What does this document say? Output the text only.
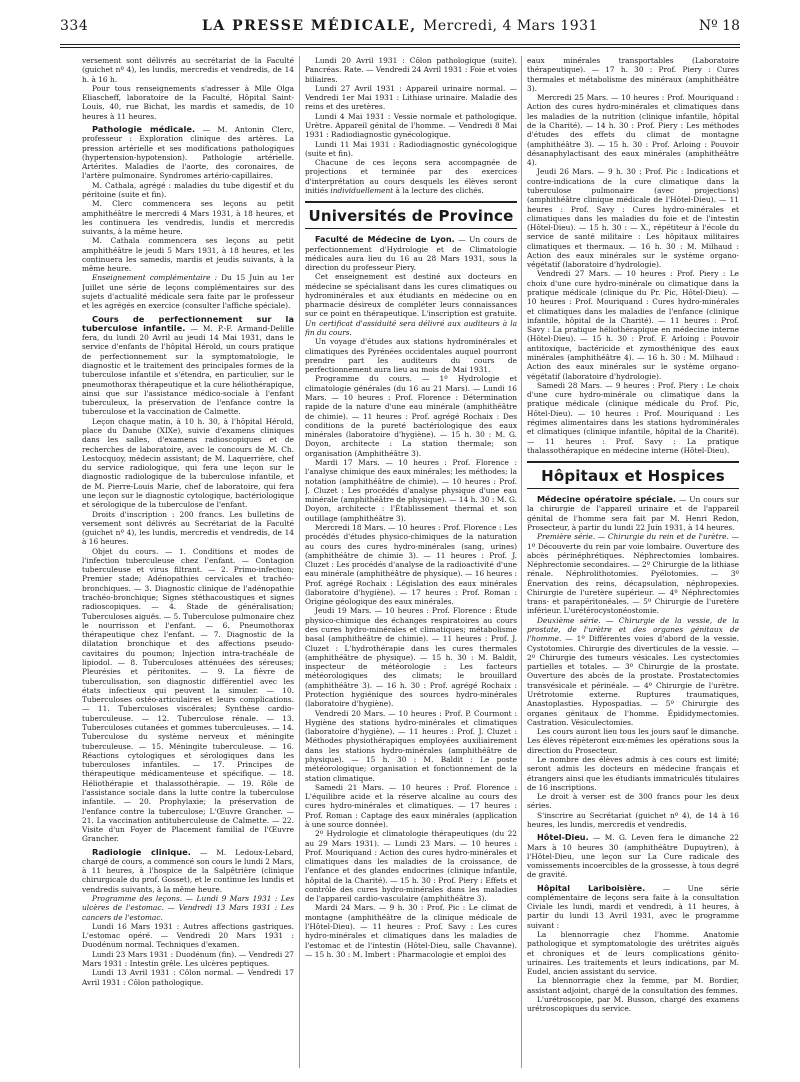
334	LA PRESSE MÉDICALE, Mercredi, 4 Mars 1931	Nº 18

versement sont délivrés au secrétariat de la Faculté (guichet nº 4), les lundis, mercredis et vendredis, de 14 h. à 16 h.

Pour tous renseignements s'adresser à Mlle Olga Eliascheff, laboratoire de la Faculté, Hôpital Saint-Louis, 40, rue Bichat, les mardis et samedis, de 10 heures à 11 heures.

Pathologie médicale. — M. Antonin Clerc, professeur : Exploration clinique des artères. La pression artérielle et ses modifications pathologiques (hypertension-hypotension). Pathologie artérielle. Artérites. Maladies de l'aorte, des coronaires, de l'artère pulmonaire. Syndromes artério-capillaires.

M. Cathala, agrégé : maladies du tube digestif et du péritoine (suite et fin).

M. Clerc commencera ses leçons au petit amphithéâtre le mercredi 4 Mars 1931, à 18 heures, et les continuera les vendredis, lundis et mercredis suivants, à la même heure.

M. Cathala commencera ses leçons au petit amphithéâtre le jeudi 5 Mars 1931, à 18 heures, et les continuera les samedis, mardis et jeudis suivants, à la même heure.

Enseignement complémentaire : Du 15 Juin au 1er Juillet une série de leçons complémentaires sur des sujets d'actualité médicale sera faite par le professeur et les agrégés en exercice (consulter l'affiche spéciale).

Cours de perfectionnement sur la tuberculose infantile. — M. P.-F. Armand-Delille fera, du lundi 20 Avril au jeudi 14 Mai 1931, dans le service d'enfants de l'hôpital Hérold, un cours pratique de perfectionnement sur la symptomatologie, le diagnostic et le traitement des principales formes de la tuberculose infantile et s'étendra, en particulier, sur le pneumothorax thérapeutique et la cure héliothérapique, ainsi que sur l'assistance médico-sociale à l'enfant tuberculeux, la préservation de l'enfance contre la tuberculose et la vaccination de Calmette.

Leçon chaque matin, à 10 h. 30, à l'hôpital Hérold, place du Danube (XIXe), suivie d'examens cliniques dans les salles, d'examens radioscopiques et de recherches de laboratoire, avec le concours de M. Ch. Lestocquoy, médecin assistant; de M. Laquerrière, chef du service radiologique, qui fera une leçon sur le diagnostic radiologique de la tuberculose infantile, et de M. Pierre-Louis Marie, chef de laboratoire, qui fera une leçon sur le diagnostic cytologique, bactériologique et sérologique de la tuberculose de l'enfant.

Droits d'inscription : 200 francs. Les bulletins de versement sont délivrés au Secrétariat de la Faculté (guichet nº 4), les lundis, mercredis et vendredis, de 14 à 16 heures.

Objet du cours. — 1. Conditions et modes de l'infection tuberculeuse chez l'enfant. — Contagion tuberculeuse et virus filtrant. — 2. Primo-infection; Premier stade; Adénopathies cervicales et trachéo-bronchiques. — 3. Diagnostic clinique de l'adénopathie trachéo-bronchique; Signes stéthacoustiques et signes radioscopiques. — 4. Stade de généralisation; Tuberculoses aiguës. — 5. Tuberculose pulmonaire chez le nourrisson et l'enfant. — 6. Pneumothorax thérapeutique chez l'enfant. — 7. Diagnostic de la dilatation bronchique et des affections pseudo-cavitaires du poumon; Injection intra-trachéale de lipiodol. — 8. Tuberculoses atténuées des séreuses; Pleurésies et péritonites. — 9. La fièvre de tuberculisation, son diagnostic différentiel avec les états infectieux qui peuvent la simuler. — 10. Tuberculoses ostéo-articulaires et leurs complications. — 11. Tuberculoses viscérales; Synthèse cardio-tuberculeuse. — 12. Tuberculose rénale. — 13. Tuberculoses cutanées et gommes tuberculeuses. — 14. Tuberculose du système nerveux et méningite tuberculeuse. — 15. Méningite tuberculeuse. — 16. Réactions cytologiques et sérologiques dans les tuberculoses infantiles. — 17. Principes de thérapeutique médicamenteuse et spécifique. — 18. Héliothérapie et thalassothérapie. — 19. Rôle de l'assistance sociale dans la lutte contre la tuberculose infantile. — 20. Prophylaxie; la préservation de l'enfance contre la tuberculose; L'Œuvre Grancher. — 21. La vaccination antituberculeuse de Calmette. — 22. Visite d'un Foyer de Placement familial de l'Œuvre Grancher.

Radiologie clinique. — M. Ledoux-Lebard, chargé de cours, a commencé son cours le lundi 2 Mars, à 11 heures, à l'hospice de la Salpêtrière (clinique chirurgicale du prof. Gosset), et le continue les lundis et vendredis suivants, à la même heure.

Programme des leçons. — Lundi 9 Mars 1931 : Les ulcères de l'estomac. — Vendredi 13 Mars 1931 : Les cancers de l'estomac.

Lundi 16 Mars 1931 : Autres affections gastriques. L'estomac opéré. — Vendredi 20 Mars 1931 : Duodénum normal. Techniques d'examen.

Lundi 23 Mars 1931 : Duodénum (fin). — Vendredi 27 Mars 1931 : Intestin grêle. Les ulcères peptiques.

Lundi 13 Avril 1931 : Côlon normal. — Vendredi 17 Avril 1931 : Côlon pathologique.

Lundi 20 Avril 1931 : Côlon pathologique (suite). Pancréas. Rate. — Vendredi 24 Avril 1931 : Foie et voies biliaires.

Lundi 27 Avril 1931 : Appareil urinaire normal. — Vendredi 1er Mai 1931 : Lithiase urinaire. Maladie des reins et des uretères.

Lundi 4 Mai 1931 : Vessie normale et pathologique. Urètre. Appareil génital de l'homme. — Vendredi 8 Mai 1931 : Radiodiagnostic gynécologique.

Lundi 11 Mai 1931 : Radiodiagnostic gynécologique (suite et fin).

Chacune de ces leçons sera accompagnée de projections et terminée par des exercices d'interprétation au cours desquels les élèves seront initiés individuellement à la lecture des clichés.

Universités de Province

Faculté de Médecine de Lyon. — Un cours de perfectionnement d'Hydrologie et de Climatologie médicales aura lieu du 16 au 28 Mars 1931, sous la direction du professeur Piery.

Cet enseignement est destiné aux docteurs en médecine se spécialisant dans les cures climatiques ou hydrominérales et aux étudiants en médecine ou en pharmacie désireux de compléter leurs connaissances sur ce point en thérapeutique. L'inscription est gratuite. Un certificat d'assiduité sera délivré aux auditeurs à la fin du cours.

Un voyage d'études aux stations hydrominérales et climatiques des Pyrénées occidentales auquel pourront prendre part les auditeurs du cours de perfectionnement aura lieu au mois de Mai 1931.

Programme du cours. — 1º Hydrologie et climatologie générales (du 16 au 21 Mars). — Lundi 16 Mars. — 10 heures : Prof. Florence : Détermination rapide de la nature d'une eau minérale (amphithéâtre de chimie). — 11 heures : Prof. agrégé Rochaix : Des conditions de la pureté bactériologique des eaux minérales (laboratoire d'hygiène). — 15 h. 30 : M. G. Doyon, architecte : La station thermale; son organisation (Amphithéâtre 3).

Mardi 17 Mars. — 10 heures : Prof. Florence : l'analyse chimique des eaux minérales; les méthodes; la notation (amphithéâtre de chimie). — 10 heures : Prof. J. Cluzet : Les procédés d'analyse physique d'une eau minérale (amphithéâtre de physique). — 14 h. 30 : M. G. Doyon, architecte : l'Établissement thermal et son outillage (amphithéâtre 3).

Mercredi 18 Mars. — 10 heures : Prof. Florence : Les procédés d'études physico-chimiques de la naturation au cours des cures hydro-minérales (sang, urines) (amphithéâtre de chimie 3). — 11 heures : Prof. J. Cluzet : Les procédés d'analyse de la radioactivité d'une eau minérale (amphithéâtre de physique). — 16 heures : Prof. agrégé Rochaix : Législation des eaux minérales (laboratoire d'hygiène). — 17 heures : Prof. Roman : Origine géologique des eaux minérales.

Jeudi 19 Mars. — 10 heures : Prof. Florence : Étude physico-chimique des échanges respiratoires au cours des cures hydro-minérales et climatiques; métabolisme basal (amphithéâtre de chimie). — 11 heures : Prof. J. Cluzet : L'hydrothérapie dans les cures thermales (amphithéâtre de physique). — 15 h. 30 : M. Baldit, inspecteur de météorologie : Les facteurs météorologiques des climats; le brouillard (amphithéâtre 3). — 16 h. 30 : Prof. agrégé Rochaix : Protection hygiénique des sources hydro-minérales (laboratoire d'hygiène).

Vendredi 20 Mars. — 10 heures : Prof. P. Courmont : Hygiène des stations hydro-minérales et climatiques (laboratoire d'hygiène). — 11 heures : Prof. J. Cluzet : Méthodes physiothérapiques employées auxiliairement dans les stations hydro-minérales (amphithéâtre de physique). — 15 h. 30 : M. Baldit : Le poste météorologique; organisation et fonctionnement de la station climatique.

Samedi 21 Mars. — 10 heures : Prof. Florence : L'équilibre acide et la réserve alcaline au cours des cures hydro-minérales et climatiques. — 17 heures : Prof. Roman : Captage des eaux minérales (application à une source donnée).

2º Hydrologie et climatologie thérapeutiques (du 22 au 29 Mars 1931). — Lundi 23 Mars. — 10 heures : Prof. Mouriquand : Action des cures hydro-minérales et climatiques dans les maladies de la croissance, de l'enfance et des glandes endocrines (clinique infantile, hôpital de la Charité). — 15 h. 30 : Prof. Piery : Effets et contrôle des cures hydro-minérales dans les maladies de l'appareil cardio-vasculaire (amphithéâtre 3).

Mardi 24 Mars. — 9 h. 30 : Prof. Pic : Le climat de montagne (amphithéâtre de la clinique médicale de l'Hôtel-Dieu). — 11 heures : Prof. Savy : Les cures hydro-minérales et climatiques dans les maladies de l'estomac et de l'intestin (Hôtel-Dieu, salle Chavanne). — 15 h. 30 : M. Imbert : Pharmacologie et emploi des

eaux minérales transportables (Laboratoire thérapeutique). — 17 h. 30 : Prof. Piery : Cures thermales et métabolisme des minéraux (amphithéâtre 3).

Mercredi 25 Mars. — 10 heures : Prof. Mouriquand : Action des cures hydro-minérales et climatiques dans les maladies de la nutrition (clinique infantile, hôpital de la Charité). — 14 h. 30 : Prof. Piery : Les méthodes d'études des effets du climat de montagne (amphithéâtre 3). — 15 h. 30 : Prof. Arloing : Pouvoir désanaphylactisant des eaux minérales (amphithéâtre 4).

Jeudi 26 Mars. — 9 h. 30 : Prof. Pic : Indications et contre-indications de la cure climatique dans la tuberculose pulmonaire (avec projections) (amphithéâtre clinique médicale de l'Hôtel-Dieu). — 11 heures : Prof. Savy : Cures hydro-minérales et climatiques dans les maladies du foie et de l'intestin (Hôtel-Dieu). — 15 h. 30 : — X., répétiteur à l'école du service de santé militaire : Les hôpitaux militaires climatiques et thermaux. — 16 h. 30 : M. Milhaud : Action des eaux minérales sur le système organo-végétatif (laboratoire d'hydrologie).

Vendredi 27 Mars. — 10 heures : Prof. Piery : Le choix d'une cure hydro-minérale ou climatique dans la pratique médicale (clinique du Pr. Pic, Hôtel-Dieu). — 10 heures : Prof. Mouriquand : Cures hydro-minérales et climatiques dans les maladies de l'enfance (clinique infantile, hôpital de la Charité). — 11 heures : Prof. Savy : La pratique héliothérapique en médecine interne (Hôtel-Dieu). — 15 h. 30 : Prof. F. Arloing : Pouvoir antitoxique, bactéricide et zymosthénique des eaux minérales (amphithéâtre 4). — 16 h. 30 : M. Milhaud : Action des eaux minérales sur le système organo-végétatif (laboratoire d'hydrologie).

Samedi 28 Mars. — 9 heures : Prof. Piery : Le choix d'une cure hydro-minérale ou climatique dans la pratique médicale (clinique médicale du Prof. Pic, Hôtel-Dieu). — 10 heures : Prof. Mouriquand : Les régimes alimentaires dans les stations hydrominérales et climatiques (clinique infantile, hôpital de la Charité). — 11 heures : Prof. Savy : La pratique thalassothérapique en médecine interne (Hôtel-Dieu).

Hôpitaux et Hospices

Médecine opératoire spéciale. — Un cours sur la chirurgie de l'appareil urinaire et de l'appareil génital de l'homme sera fait par M. Henri Redon, Prosecteur, à partir du lundi 22 Juin 1931, à 14 heures.

Première série. — Chirurgie du rein et de l'urètre. — 1º Découverte du rein par voie lombaire. Ouverture des abcès périnéphrétiques. Néphrectomies lombaires. Néphrectomie secondaires. — 2º Chirurgie de la lithiase rénale. Néphrolithotomies. Pyélotomies. — 3º Énervation des reins, décapsulation, néphropexies. Chirurgie de l'uretère supérieur. — 4º Néphrectomies trans- et parapéritonéales. — 5º Chirurgie de l'uretère inférieur. L'urétérocystonéostomie.

Deuxième série. — Chirurgie de la vessie, de la prostate, de l'urètre et des organes génitaux de l'homme. — 1º Différentes voies d'abord de la vessie. Cystotomies. Chirurgie des diverticules de la vessie. — 2º Chirurgie des tumeurs vésicales. Les cystectomies partielles et totales. — 3º Chirurgie de la prostate. Ouverture des abcès de la prostate. Prostatectomies transvésicale et périnéale. — 4º Chirurgie de l'urètre. Urétrotomie externe. Ruptures traumatiques, Anastoplasties. Hypospadias. — 5º Chirurgie des organes génitaux de l'homme. Épididymectomies. Castration. Vésiculectomies.

Les cours auront lieu tous les jours sauf le dimanche. Les élèves répèteront eux-mêmes les opérations sous la direction du Prosecteur.

Le nombre des élèves admis à ces cours est limité; seront admis les docteurs en médecine français et étrangers ainsi que les étudiants immatriculés titulaires de 16 inscriptions.

Le droit à verser est de 300 francs pour les deux séries.

S'inscrire au Secrétariat (guichet nº 4), de 14 à 16 heures, les lundis, mercredis et vendredis.

Hôtel-Dieu. — M. G. Leven fera le dimanche 22 Mars à 10 heures 30 (amphithéâtre Dupuytren), à l'Hôtel-Dieu, une leçon sur La Cure radicale des vomissements incoercibles de la grossesse, à tous degré de gravité.

Hôpital Lariboisière. — Une série complémentaire de leçons sera faite à la consultation Civiale les lundi, mardi et vendredi, à 11 heures, à partir du lundi 13 Avril 1931, avec le programme suivant :

La blennorragie chez l'homme. Anatomie pathologique et symptomatologie des urétrites aiguës et chroniques et de leurs complications génito-urinaires. Les traitements et leurs indications, par M. Eudel, ancien assistant du service.

La blennorragie chez la femme, par M. Bordier, assistant adjoint, chargé de la consultation des femmes.

L'urétroscopie, par M. Busson, chargé des examens urétroscopiques du service.
